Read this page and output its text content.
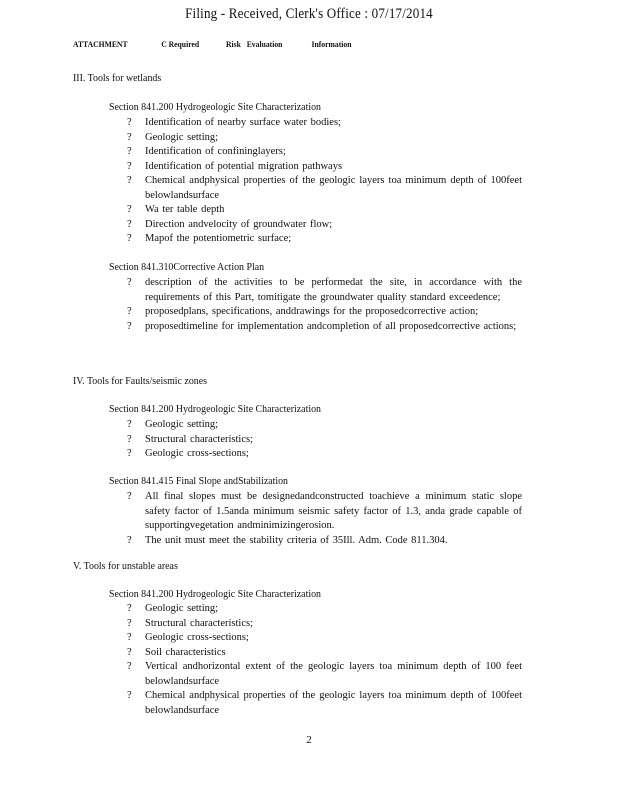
Filing - Received, Clerk's Office : 07/17/2014
ATTACHMENT	C Required	Risk Evaluation	Information
III. Tools for wetlands
Section 841.200 Hydrogeologic Site Characterization
?	Identification of nearby surface water bodies;
?	Geologic setting;
?	Identification of confininglayers;
?	Identification of potential migration pathways
?	Chemical andphysical properties of the geologic layers toa minimum depth of 100feet belowlandsurface
?	Wa ter table depth
?	Direction andvelocity of groundwater flow;
?	Mapof the potentiometric surface;
Section 841.310Corrective Action Plan
?	description of the activities to be performedat the site, in accordance with the requirements of this Part, tomitigate the groundwater quality standard exceedence;
?	proposedplans, specifications, anddrawings for the proposedcorrective action;
?	proposedtimeline for implementation andcompletion of all proposedcorrective actions;
IV. Tools for Faults/seismic zones
Section 841.200 Hydrogeologic Site Characterization
?	Geologic setting;
?	Structural characteristics;
?	Geologic cross-sections;
Section 841.415 Final Slope andStabilization
?	All final slopes must be designedandconstructed toachieve a minimum static slope safety factor of 1.5anda minimum seismic safety factor of 1.3, anda grade capable of supportingvegetation andminimizingerosion.
?	The unit must meet the stability criteria of 35Ill. Adm. Code 811.304.
V. Tools for unstable areas
Section 841.200 Hydrogeologic Site Characterization
?	Geologic setting;
?	Structural characteristics;
?	Geologic cross-sections;
?	Soil characteristics
?	Vertical andhorizontal extent of the geologic layers toa minimum depth of 100 feet belowlandsurface
?	Chemical andphysical properties of the geologic layers toa minimum depth of 100feet belowlandsurface
2
